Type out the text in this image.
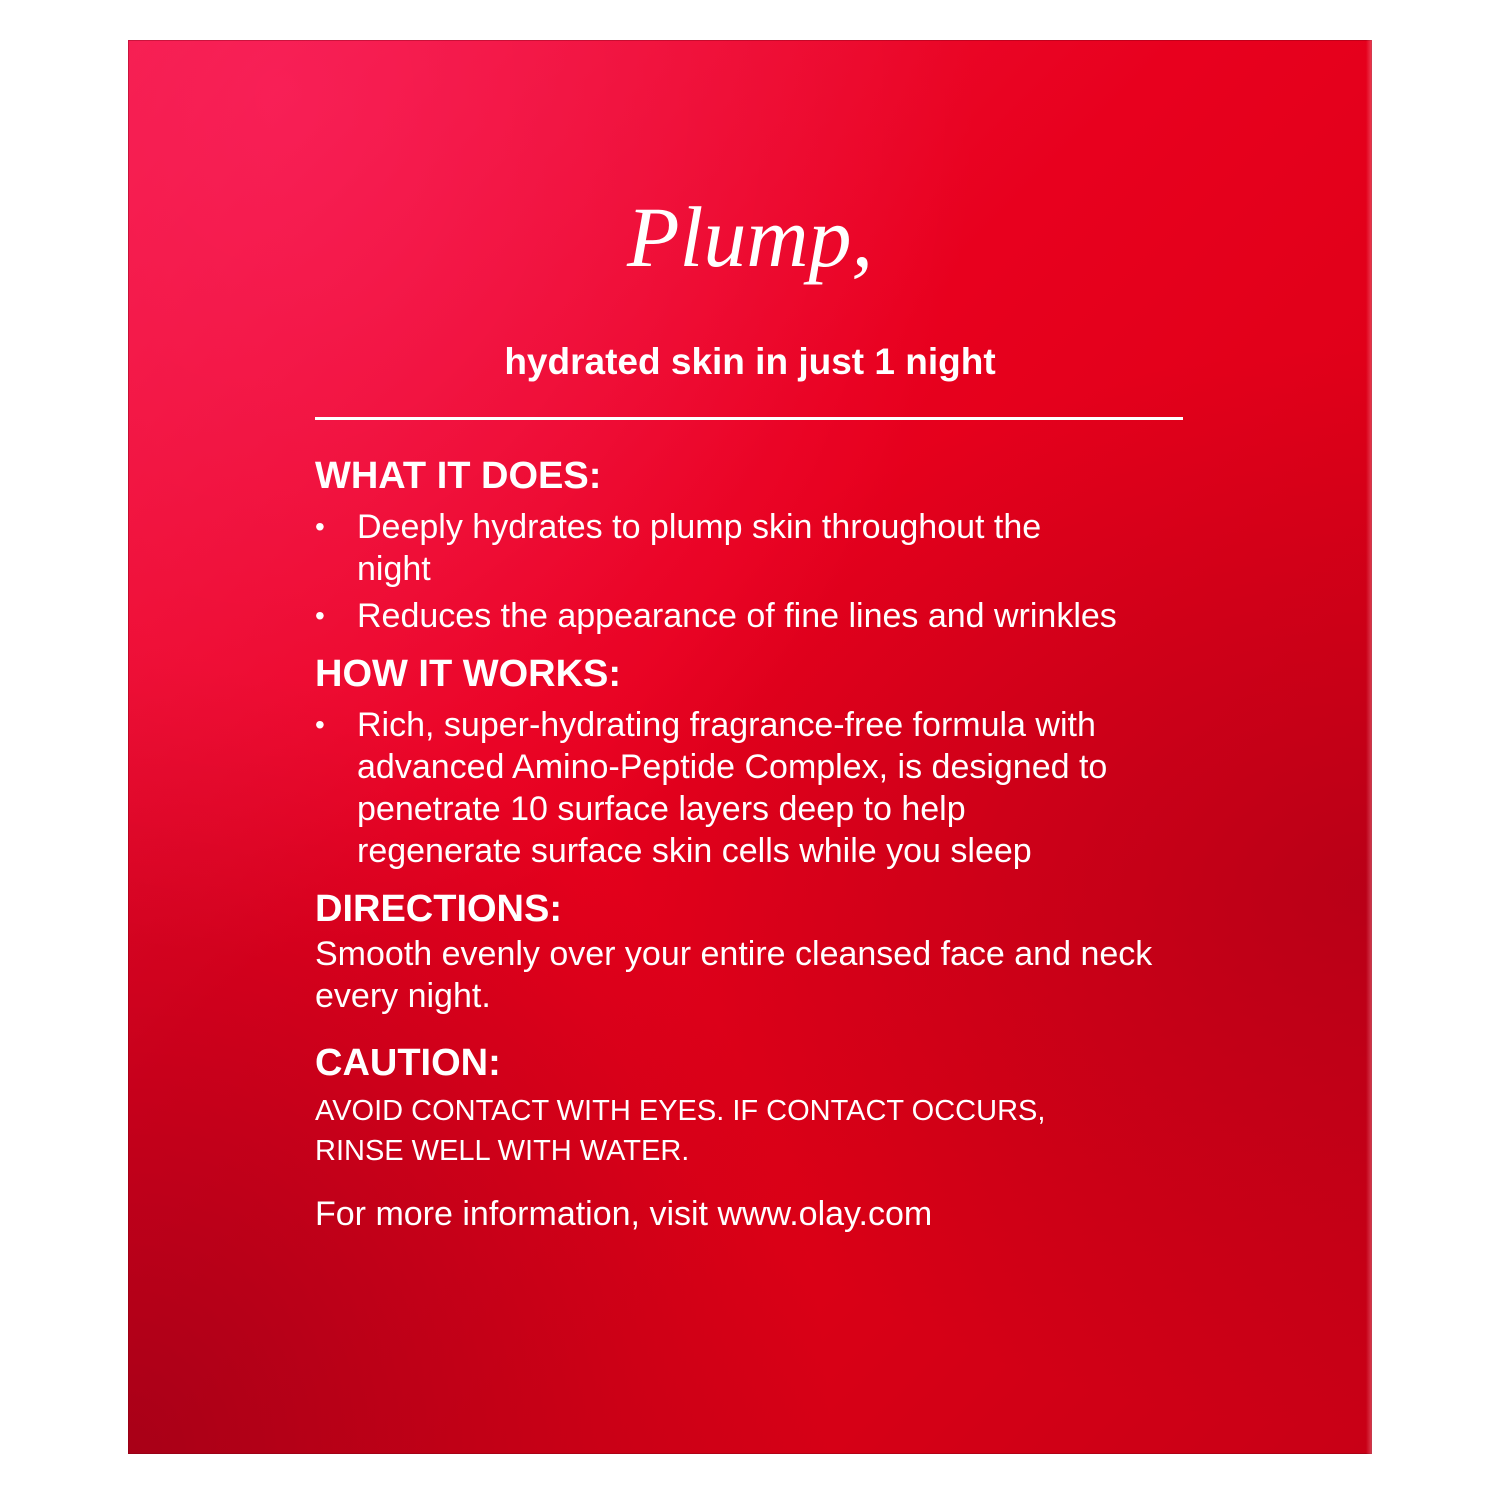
Plump,
hydrated skin in just 1 night

WHAT IT DOES:

• Deeply hydrates to plump skin throughout the night
• Reduces the appearance of fine lines and wrinkles

HOW IT WORKS:

• Rich, super-hydrating fragrance-free formula with advanced Amino-Peptide Complex, is designed to penetrate 10 surface layers deep to help regenerate surface skin cells while you sleep

DIRECTIONS:

Smooth evenly over your entire cleansed face and neck every night.

CAUTION:

AVOID CONTACT WITH EYES. IF CONTACT OCCURS, RINSE WELL WITH WATER.

For more information, visit www.olay.com
